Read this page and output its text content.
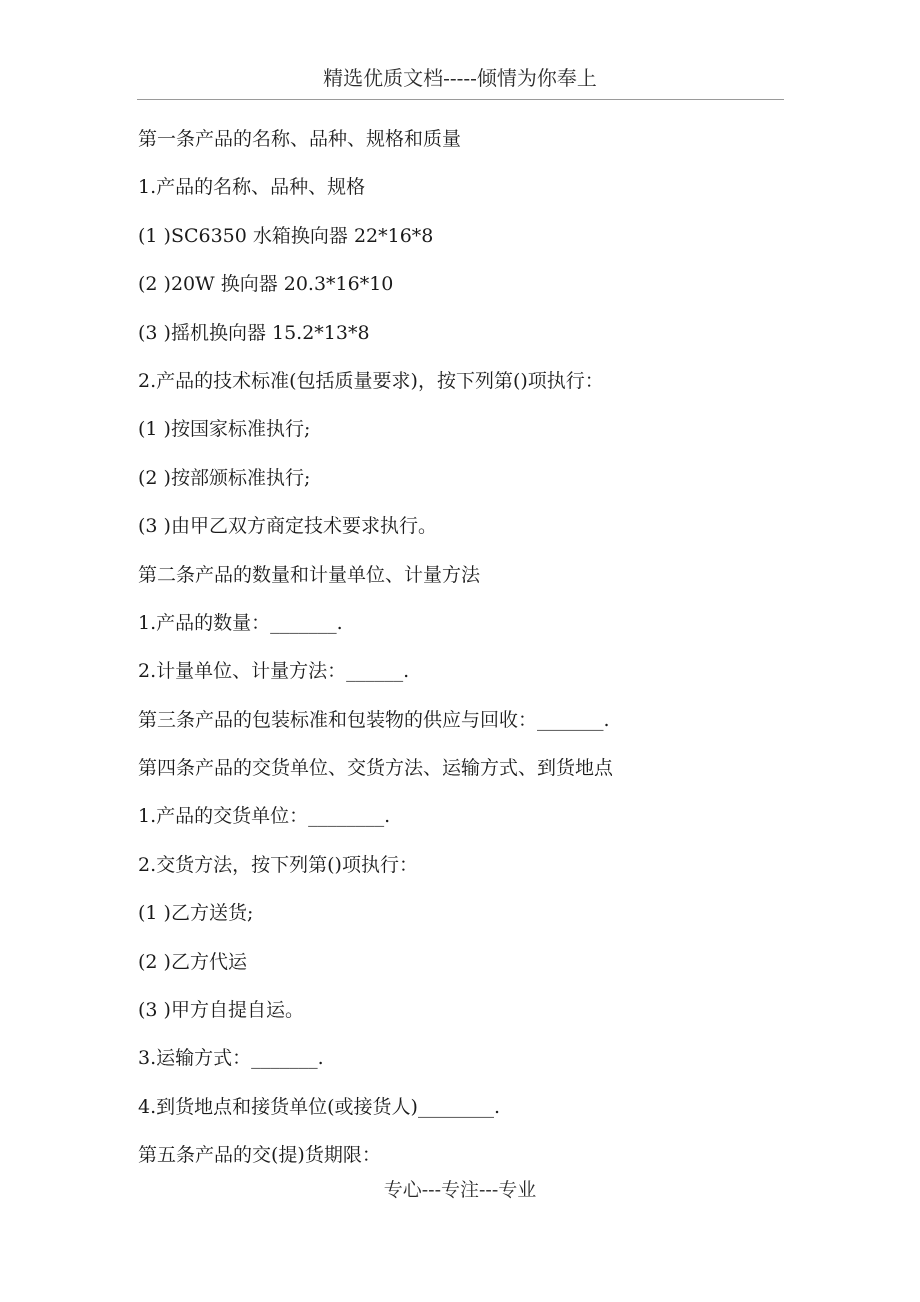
精选优质文档-----倾情为你奉上
第一条产品的名称、品种、规格和质量
1.产品的名称、品种、规格
(1 )SC6350 水箱换向器 22*16*8
(2 )20W 换向器 20.3*16*10
(3 )摇机换向器 15.2*13*8
2.产品的技术标准(包括质量要求)，按下列第()项执行：
(1 )按国家标准执行;
(2 )按部颁标准执行;
(3 )由甲乙双方商定技术要求执行。
第二条产品的数量和计量单位、计量方法
1.产品的数量：_______.
2.计量单位、计量方法：______.
第三条产品的包装标准和包装物的供应与回收：_______.
第四条产品的交货单位、交货方法、运输方式、到货地点
1.产品的交货单位：________.
2.交货方法，按下列第()项执行：
(1 )乙方送货;
(2 )乙方代运
(3 )甲方自提自运。
3.运输方式：_______.
4.到货地点和接货单位(或接货人)________.
第五条产品的交(提)货期限：
专心---专注---专业
